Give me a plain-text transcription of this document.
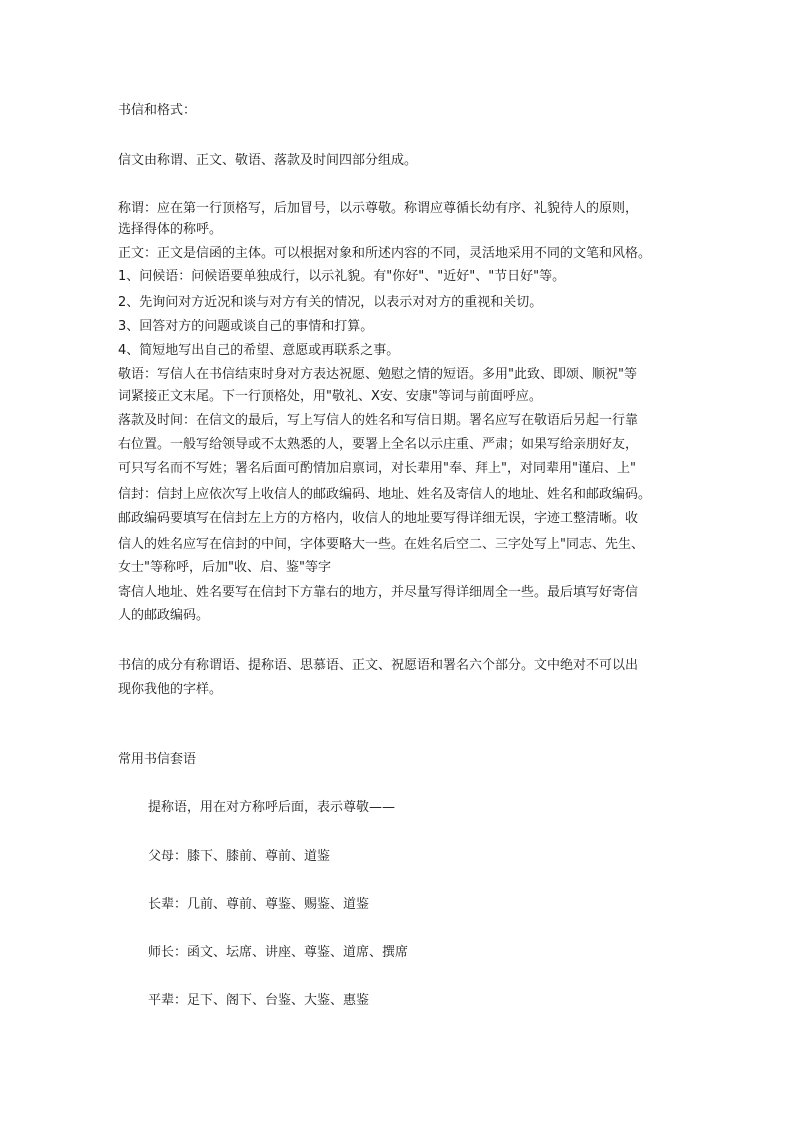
书信和格式：
信文由称谓、正文、敬语、落款及时间四部分组成。
称谓：应在第一行顶格写，后加冒号，以示尊敬。称谓应尊循长幼有序、礼貌待人的原则，
选择得体的称呼。
正文：正文是信函的主体。可以根据对象和所述内容的不同，灵活地采用不同的文笔和风格。
1、问候语：问候语要单独成行，以示礼貌。有"你好"、"近好"、"节日好"等。
2、先询问对方近况和谈与对方有关的情况，以表示对对方的重视和关切。
3、回答对方的问题或谈自己的事情和打算。
4、简短地写出自己的希望、意愿或再联系之事。
敬语：写信人在书信结束时身对方表达祝愿、勉慰之情的短语。多用"此致、即颂、顺祝"等
词紧接正文末尾。下一行顶格处，用"敬礼、X安、安康"等词与前面呼应。
落款及时间：在信文的最后，写上写信人的姓名和写信日期。署名应写在敬语后另起一行靠
右位置。一般写给领导或不太熟悉的人，要署上全名以示庄重、严肃；如果写给亲朋好友，
可只写名而不写姓；署名后面可酌情加启禀词，对长辈用"奉、拜上"，对同辈用"谨启、上"
信封：信封上应依次写上收信人的邮政编码、地址、姓名及寄信人的地址、姓名和邮政编码。
邮政编码要填写在信封左上方的方格内，收信人的地址要写得详细无误，字迹工整清晰。收
信人的姓名应写在信封的中间，字体要略大一些。在姓名后空二、三字处写上"同志、先生、
女士"等称呼，后加"收、启、鉴"等字
寄信人地址、姓名要写在信封下方靠右的地方，并尽量写得详细周全一些。最后填写好寄信
人的邮政编码。
书信的成分有称谓语、提称语、思慕语、正文、祝愿语和署名六个部分。文中绝对不可以出
现你我他的字样。
常用书信套语
提称语，用在对方称呼后面，表示尊敬——
父母：膝下、膝前、尊前、道鉴
长辈：几前、尊前、尊鉴、赐鉴、道鉴
师长：函文、坛席、讲座、尊鉴、道席、撰席
平辈：足下、阁下、台鉴、大鉴、惠鉴
